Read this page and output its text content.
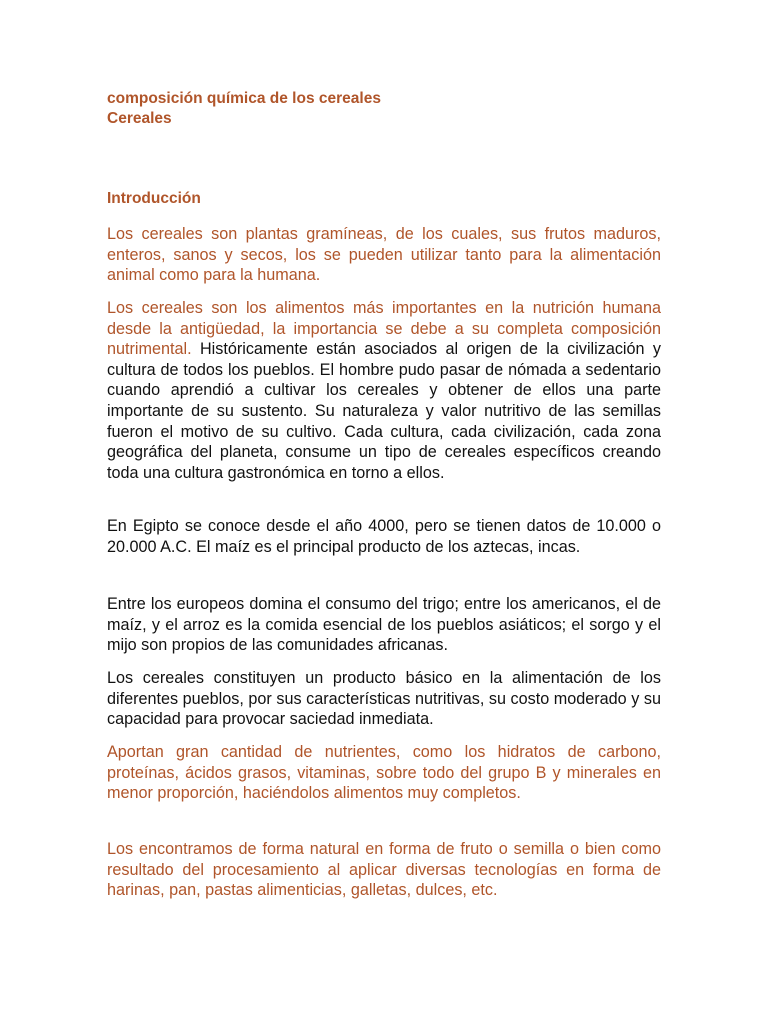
composición química de los cereales

Cereales

Introducción

Los cereales son plantas gramíneas, de los cuales, sus frutos maduros, enteros, sanos y secos, los se pueden utilizar tanto para la alimentación animal como para la humana.

Los cereales son los alimentos más importantes en la nutrición humana desde la antigüedad, la importancia se debe a su completa composición nutrimental. Históricamente están asociados al origen de la civilización y cultura de todos los pueblos. El hombre pudo pasar de nómada a sedentario cuando aprendió a cultivar los cereales y obtener de ellos una parte importante de su sustento. Su naturaleza y valor nutritivo de las semillas fueron el motivo de su cultivo. Cada cultura, cada civilización, cada zona geográfica del planeta, consume un tipo de cereales específicos creando toda una cultura gastronómica en torno a ellos.

En Egipto se conoce desde el año 4000, pero se tienen datos de 10.000 o 20.000 A.C. El maíz es el principal producto de los aztecas, incas.

Entre los europeos domina el consumo del trigo; entre los americanos, el de maíz, y el arroz es la comida esencial de los pueblos asiáticos; el sorgo y el mijo son propios de las comunidades africanas.

Los cereales constituyen un producto básico en la alimentación de los diferentes pueblos, por sus características nutritivas, su costo moderado y su capacidad para provocar saciedad inmediata.

Aportan gran cantidad de nutrientes, como los hidratos de carbono, proteínas, ácidos grasos, vitaminas, sobre todo del grupo B y minerales en menor proporción, haciéndolos alimentos muy completos.

Los encontramos de forma natural en forma de fruto o semilla o bien como resultado del procesamiento al aplicar diversas tecnologías en forma de harinas, pan, pastas alimenticias, galletas, dulces, etc.
